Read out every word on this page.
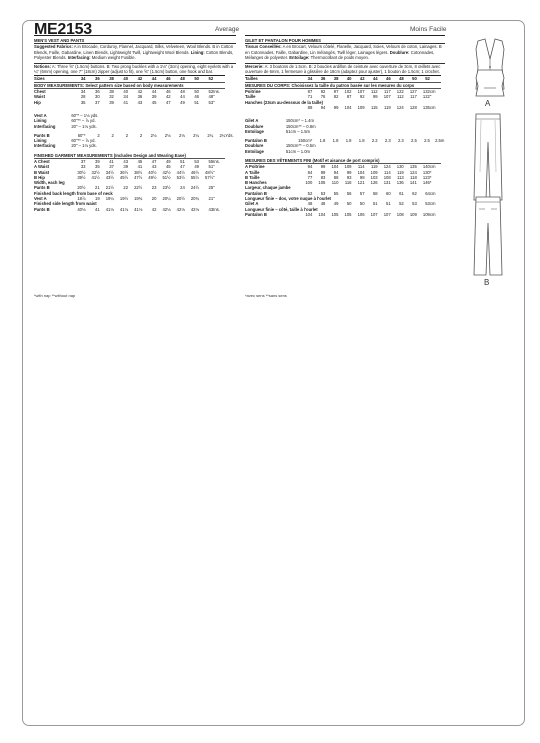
ME2153	Average	Moins Facile

MEN'S VEST AND PANTS

Suggested Fabrics: A in Brocade, Corduroy, Flannel, Jacquard, Silks, Velveteen, Wool Blends. B in Cotton Blends, Faille, Gabardine, Linen Blends, Lightweight Twill, Lightweight Wool Blends. Lining: Cotton Blends, Polyester Blends. Interfacing: Medium weight Fusible.

Notions: A: Three ⅝" (1.5cm) buttons. B: Two prong buckles with a 1⅛" (3cm) opening, eight eyelets with a ¼" (6mm) opening, one 7" (18cm) zipper (adjust to fit), one ⅝" (1.5cm) button, one hook and bar.

Sizes	34	36	38	40	42	44	46	48	50	52		
BODY MEASUREMENTS: Select pattern size based on body measurements												
Chest	34	36	38	40	42	44	46	48	50	52	Ins.	
Waist	28	30	32	34	36	39	42	44	46	48	"	
Hip	35	37	39	41	43	45	47	49	51	53	"	

Vest A	60"* – 1⅛ yds.											
Lining	60"** – ⅞ yd.											
Interfacing	20" – 1⅛ yds.											

Pants B	60"*	2	2	2	2	2⅛	2⅛	2⅛	2¼	2¼	2¼	Yds.
Lining	60"** – ⅞ yd.											
Interfacing	20" – 1⅛ yds.											

FINISHED GARMENT MEASUREMENTS (Includes Design and Wearing Ease)												
A Chest	37	39	41	43	45	47	49	51	53	55	Ins.	
A Waist	33	35	37	39	41	43	45	47	49	51	"	
B Waist	30½	32½	34½	36½	38½	40½	42½	44½	46½	48½	"	
B Hip	39½	41½	43½	45½	47½	49½	51½	53½	55½	57½	"	
Width, each leg												
Pants B	20½	21	21½	22	22½	23	23½	24	24½	25	"	
Finished back length from base of neck												
Vest A	18⅞	19	19¼	19½	19¾	20	20¼	20½	20¾	21	"	
Finished side length from waist												
Pants B	40⅛	41	41⅛	41⅛	41⅛	42	42⅛	42⅛	42⅛	43	Ins.	

GILET ET PANTALON POUR HOMMES

Tissus Conseillés: A en Brocart, Velours côtelé, Flanelle, Jacquard, Soies, Velours de coton, Lainages. B en Cotonnades, Faille, Gabardine, Lin mélangés, Twill léger, Lainages légers. Doublure: Cotonnades, Mélanges de polyester. Entoilage: Thermocollant de poids moyen.

Mercerie: A: 3 boutons de 1.5cm. B: 2 boucles ardillon de ceinture avec ouverture de 3cm, 8 œillets avec ouverture de 6mm, 1 fermeture à glissière de 18cm (adaptez pour ajuster), 1 bouton de 1.5cm; 1 crochet.

Tailles	34	36	38	40	42	44	46	48	50	52		
MESURES DU CORPS: Choisissez la taille du patron basée sur les mesures du corps												
Poitrine	87	92	97	102	107	112	117	122	127	132	cm	
Taille	71	76	82	87	92	99	107	112	117	122	"	
Hanches (23cm au-dessous de la taille)												
	89	94	99	104	109	115	119	124	128	135	cm	

Gilet A	150cm* – 1.4m											
Doublure	150cm** – 0.8m											
Entoilage	51cm – 1.5m											

Pantalon B	150cm*	1.8	1.8	1.8	1.8	2.2	2.3	2.3	2.5	2.5	2.5	m
Doublure	150cm** – 0.5m											
Entoilage	51cm – 1.0m											

MESURES DES VÊTEMENTS FINI (Motif et aisance de port compris)												
A Poitrine	94	99	104	109	114	119	124	130	135	140	cm	
A Taille	84	89	94	99	104	109	114	119	124	130	*	
B Taille	77	83	88	93	98	103	108	113	118	123	*	
B Hanches	100	105	110	116	121	126	131	136	141	146	*	
Largeur, chaque jambe												
Pantalon B	52	53	55	56	57	58	60	61	62	64	cm	
Longueur finie – dos, votre nuque à l'ourlet												
Gilet A	48	48	49	50	50	51	51	52	53	53	cm	
Longueur finie – côté, taille à l'ourlet												
Pantalon B	104	104	105	105	106	107	107	108	109	109	cm	
*with nap **without nap	*avec sens **sans sens
A
B
